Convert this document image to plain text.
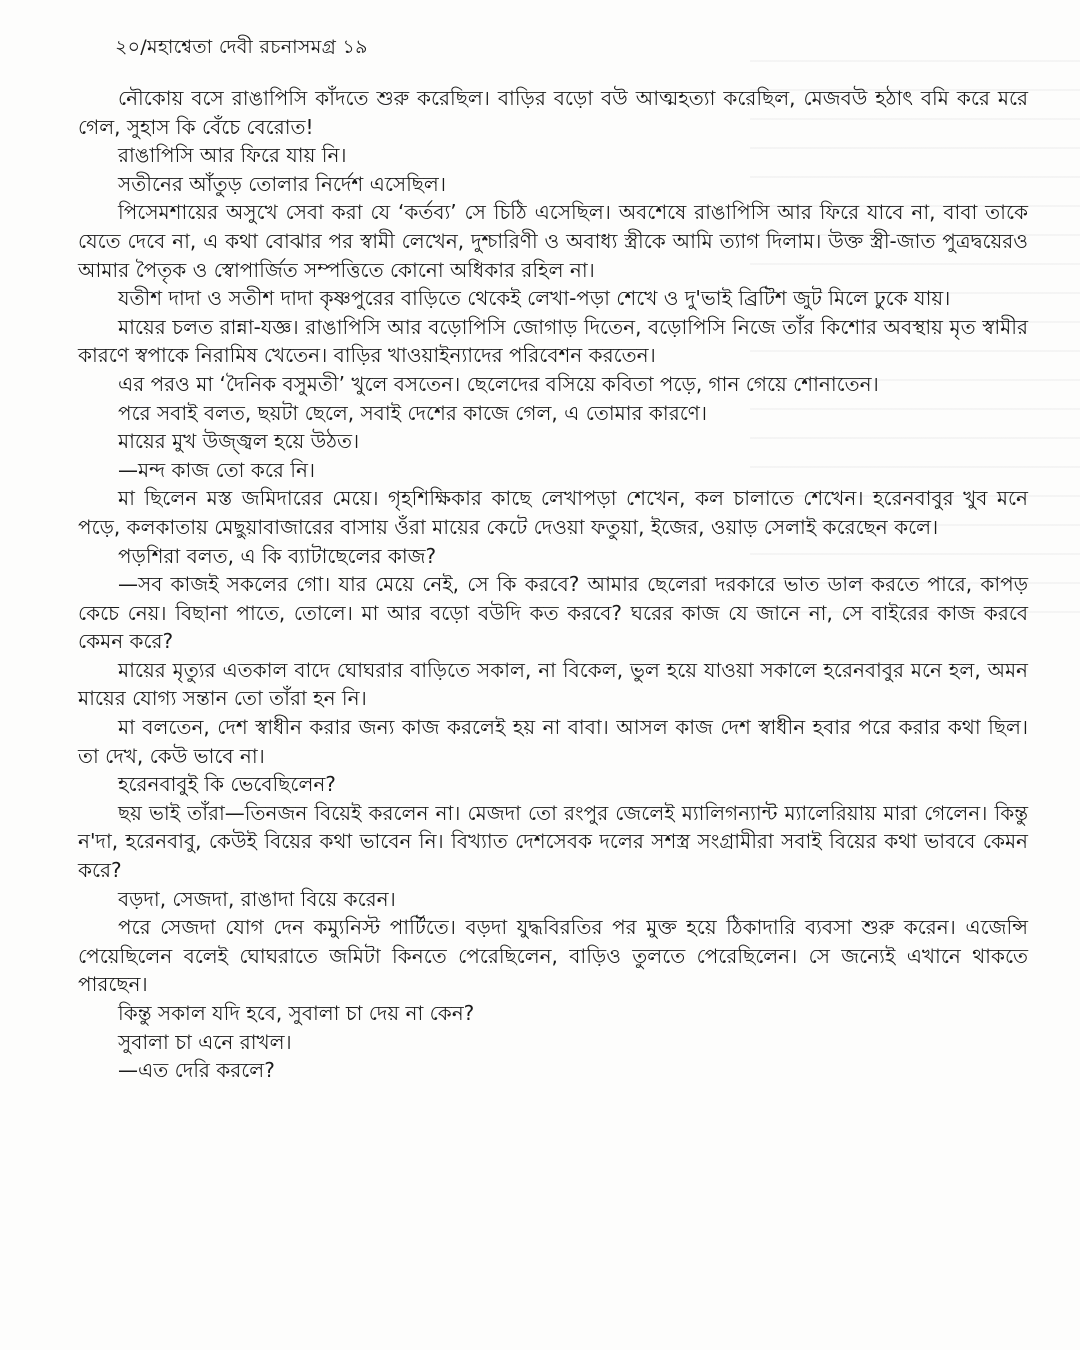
২০/মহাশ্বেতা দেবী রচনাসমগ্র ১৯

নৌকোয় বসে রাঙাপিসি কাঁদতে শুরু করেছিল। বাড়ির বড়ো বউ আত্মহত্যা করেছিল, মেজবউ হঠাৎ বমি করে মরে গেল, সুহাস কি বেঁচে বেরোত!

রাঙাপিসি আর ফিরে যায় নি।

সতীনের আঁতুড় তোলার নির্দেশ এসেছিল।

পিসেমশায়ের অসুখে সেবা করা যে ‘কর্তব্য’ সে চিঠি এসেছিল। অবশেষে রাঙাপিসি আর ফিরে যাবে না, বাবা তাকে যেতে দেবে না, এ কথা বোঝার পর স্বামী লেখেন, দুশ্চারিণী ও অবাধ্য স্ত্রীকে আমি ত্যাগ দিলাম। উক্ত স্ত্রী-জাত পুত্রদ্বয়েরও আমার পৈতৃক ও স্বোপার্জিত সম্পত্তিতে কোনো অধিকার রহিল না।

যতীশ দাদা ও সতীশ দাদা কৃষ্ণপুরের বাড়িতে থেকেই লেখা-পড়া শেখে ও দু'ভাই ব্রিটিশ জুট মিলে ঢুকে যায়।

মায়ের চলত রান্না-যজ্ঞ। রাঙাপিসি আর বড়োপিসি জোগাড় দিতেন, বড়োপিসি নিজে তাঁর কিশোর অবস্থায় মৃত স্বামীর কারণে স্বপাকে নিরামিষ খেতেন। বাড়ির খাওয়াইন্যাদের পরিবেশন করতেন।

এর পরও মা ‘দৈনিক বসুমতী’ খুলে বসতেন। ছেলেদের বসিয়ে কবিতা পড়ে, গান গেয়ে শোনাতেন।

পরে সবাই বলত, ছয়টা ছেলে, সবাই দেশের কাজে গেল, এ তোমার কারণে।

মায়ের মুখ উজ্জ্বল হয়ে উঠত।

—মন্দ কাজ তো করে নি।

মা ছিলেন মস্ত জমিদারের মেয়ে। গৃহশিক্ষিকার কাছে লেখাপড়া শেখেন, কল চালাতে শেখেন। হরেনবাবুর খুব মনে পড়ে, কলকাতায় মেছুয়াবাজারের বাসায় ওঁরা মায়ের কেটে দেওয়া ফতুয়া, ইজের, ওয়াড় সেলাই করেছেন কলে।

পড়শিরা বলত, এ কি ব্যাটাছেলের কাজ?

—সব কাজই সকলের গো। যার মেয়ে নেই, সে কি করবে? আমার ছেলেরা দরকারে ভাত ডাল করতে পারে, কাপড় কেচে নেয়। বিছানা পাতে, তোলে। মা আর বড়ো বউদি কত করবে? ঘরের কাজ যে জানে না, সে বাইরের কাজ করবে কেমন করে?

মায়ের মৃত্যুর এতকাল বাদে ঘোঘরার বাড়িতে সকাল, না বিকেল, ভুল হয়ে যাওয়া সকালে হরেনবাবুর মনে হল, অমন মায়ের যোগ্য সন্তান তো তাঁরা হন নি।

মা বলতেন, দেশ স্বাধীন করার জন্য কাজ করলেই হয় না বাবা। আসল কাজ দেশ স্বাধীন হবার পরে করার কথা ছিল। তা দেখ, কেউ ভাবে না।

হরেনবাবুই কি ভেবেছিলেন?

ছয় ভাই তাঁরা—তিনজন বিয়েই করলেন না। মেজদা তো রংপুর জেলেই ম্যালিগন্যান্ট ম্যালেরিয়ায় মারা গেলেন। কিন্তু ন'দা, হরেনবাবু, কেউই বিয়ের কথা ভাবেন নি। বিখ্যাত দেশসেবক দলের সশস্ত্র সংগ্রামীরা সবাই বিয়ের কথা ভাববে কেমন করে?

বড়দা, সেজদা, রাঙাদা বিয়ে করেন।

পরে সেজদা যোগ দেন কম্যুনিস্ট পার্টিতে। বড়দা যুদ্ধবিরতির পর মুক্ত হয়ে ঠিকাদারি ব্যবসা শুরু করেন। এজেন্সি পেয়েছিলেন বলেই ঘোঘরাতে জমিটা কিনতে পেরেছিলেন, বাড়িও তুলতে পেরেছিলেন। সে জন্যেই এখানে থাকতে পারছেন।

কিন্তু সকাল যদি হবে, সুবালা চা দেয় না কেন?

সুবালা চা এনে রাখল।

—এত দেরি করলে?
